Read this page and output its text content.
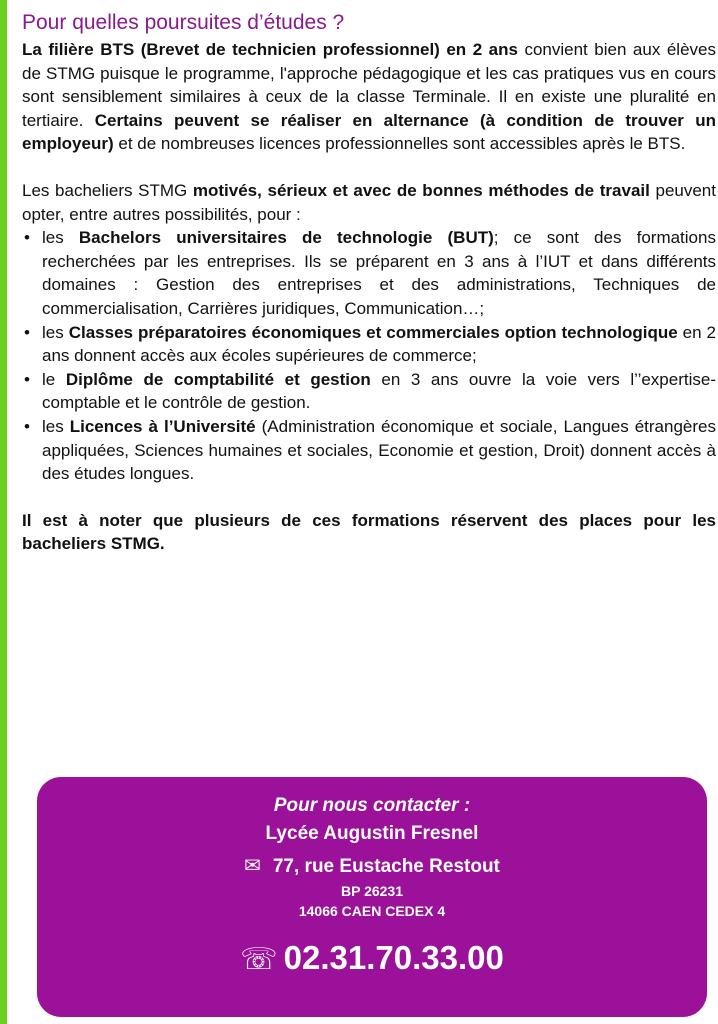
Pour quelles poursuites d’études ?

La filière BTS (Brevet de technicien professionnel) en 2 ans convient bien aux élèves de STMG puisque le programme, l'approche pédagogique et les cas pratiques vus en cours sont sensiblement similaires à ceux de la classe Terminale. Il en existe une pluralité en tertiaire. Certains peuvent se réaliser en alternance (à condition de trouver un employeur) et de nombreuses licences professionnelles sont accessibles après le BTS.

Les bacheliers STMG motivés, sérieux et avec de bonnes méthodes de travail peuvent opter, entre autres possibilités, pour :

• les Bachelors universitaires de technologie (BUT); ce sont des formations recherchées par les entreprises. Ils se préparent en 3 ans à l’IUT et dans différents domaines : Gestion des entreprises et des administrations, Techniques de commercialisation, Carrières juridiques, Communication…;
• les Classes préparatoires économiques et commerciales option technologique en 2 ans donnent accès aux écoles supérieures de commerce;
• le Diplôme de comptabilité et gestion en 3 ans ouvre la voie vers l’’expertise-comptable et le contrôle de gestion.
• les Licences à l’Université (Administration économique et sociale, Langues étrangères appliquées, Sciences humaines et sociales, Economie et gestion, Droit) donnent accès à des études longues.

Il est à noter que plusieurs de ces formations réservent des places pour les bacheliers STMG.

Pour nous contacter :
Lycée Augustin Fresnel
✉ 77, rue Eustache Restout
BP 26231
14066 CAEN CEDEX 4
☏ 02.31.70.33.00
